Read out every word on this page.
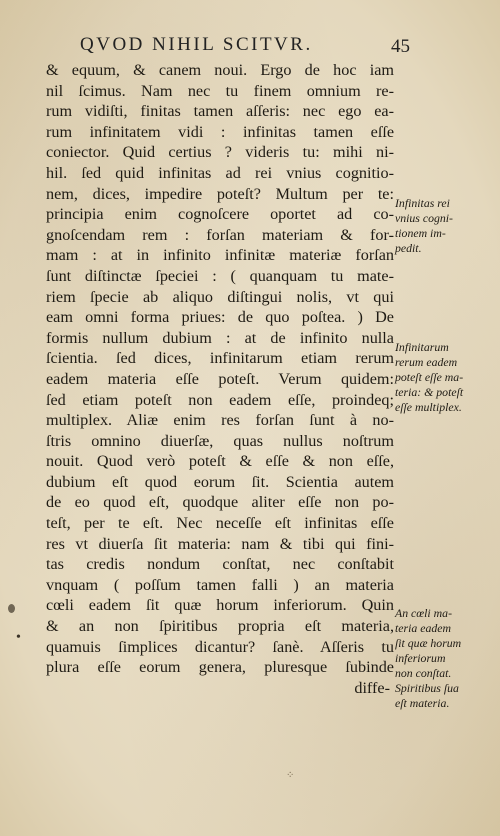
QVOD NIHIL SCITVR.	45
& equum, & canem noui. Ergo de hoc iam
nil ſcimus. Nam nec tu finem omnium re-
rum vidiſti, finitas tamen aſſeris: nec ego ea-
rum infinitatem vidi : infinitas tamen eſſe
coniector. Quid certius ? videris tu: mihi ni-
hil. ſed quid infinitas ad rei vnius cognitio-
nem, dices, impedire poteſt? Multum per te:
principia enim cognoſcere oportet ad co-
gnoſcendam rem : forſan materiam & for-
mam : at in infinito infinitæ materiæ forſan
ſunt diſtinctæ ſpeciei : ( quanquam tu mate-
riem ſpecie ab aliquo diſtingui nolis, vt qui
eam omni forma priues: de quo poſtea. ) De
formis nullum dubium : at de infinito nulla
ſcientia. ſed dices, infinitarum etiam rerum
eadem materia eſſe poteſt. Verum quidem:
ſed etiam poteſt non eadem eſſe, proindeq;
multiplex. Aliæ enim res forſan ſunt à no-
ſtris omnino diuerſæ, quas nullus noſtrum
nouit. Quod verò poteſt & eſſe & non eſſe,
dubium eſt quod eorum ſit. Scientia autem
de eo quod eſt, quodque aliter eſſe non po-
teſt, per te eſt. Nec neceſſe eſt infinitas eſſe
res vt diuerſa ſit materia: nam & tibi qui fini-
tas credis nondum conſtat, nec conſtabit
vnquam ( poſſum tamen falli ) an materia
cœli eadem ſit quæ horum inferiorum. Quin
& an non ſpiritibus propria eſt materia,
quamuis ſimplices dicantur? ſanè. Aſſeris tu
plura eſſe eorum genera, pluresque ſubinde
diffe-
Infinitas rei
vnius cogni-
tionem im-
pedit.
Infinitarum
rerum eadem
poteſt eſſe ma-
teria: & poteſt
eſſe multiplex.
An cœli ma-
teria eadem
ſit quæ horum
inferiorum
non conſtat.
Spiritibus ſua
eſt materia.
•
⁘
